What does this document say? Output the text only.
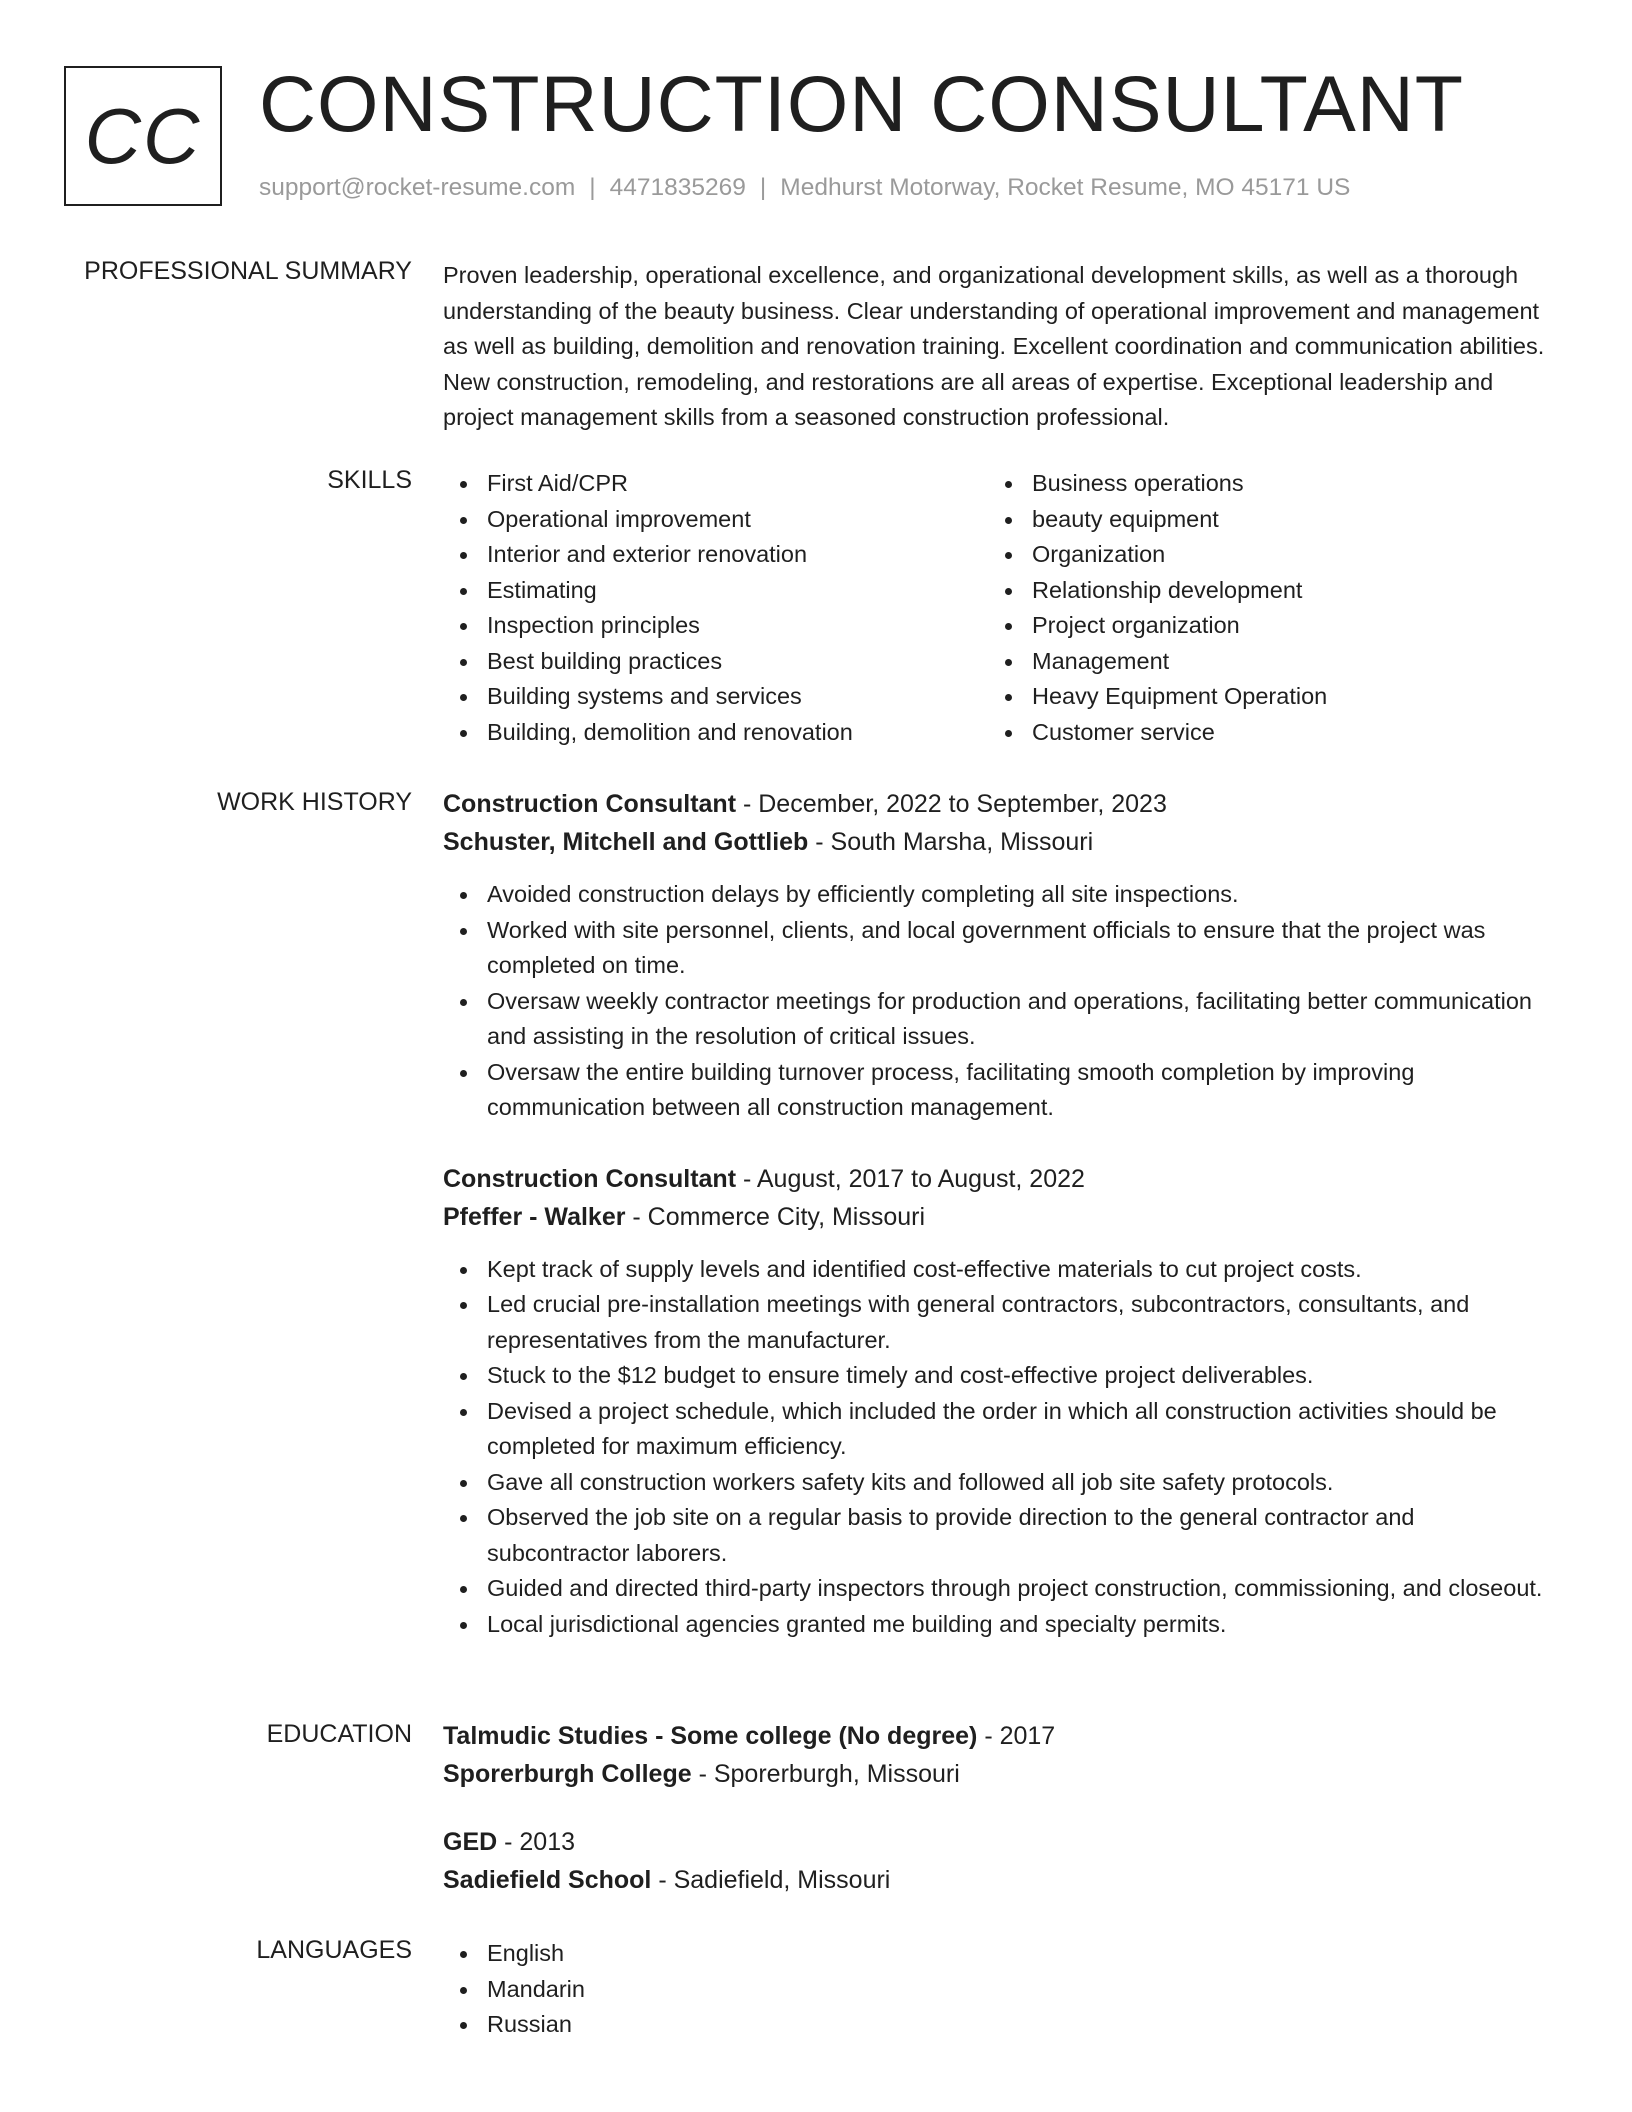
CC CONSTRUCTION CONSULTANT
support@rocket-resume.com | 4471835269 | Medhurst Motorway, Rocket Resume, MO 45171 US
PROFESSIONAL SUMMARY Proven leadership, operational excellence, and organizational development skills, as well as a thorough understanding of the beauty business. Clear understanding of operational improvement and management as well as building, demolition and renovation training. Excellent coordination and communication abilities. New construction, remodeling, and restorations are all areas of expertise. Exceptional leadership and project management skills from a seasoned construction professional.

SKILLS	First Aid/CPR
Operational improvement
Interior and exterior renovation
Estimating
Inspection principles
Best building practices
Building systems and services
Building, demolition and renovation
Business operations
beauty equipment
Organization
Relationship development
Project organization
Management
Heavy Equipment Operation
Customer service
WORK HISTORY Construction Consultant - December, 2022 to September, 2023
Schuster, Mitchell and Gottlieb - South Marsha, Missouri
Avoided construction delays by efficiently completing all site inspections.
Worked with site personnel, clients, and local government officials to ensure that the project was completed on time.
Oversaw weekly contractor meetings for production and operations, facilitating better communication and assisting in the resolution of critical issues.
Oversaw the entire building turnover process, facilitating smooth completion by improving communication between all construction management.
Construction Consultant - August, 2017 to August, 2022
Pfeffer - Walker - Commerce City, Missouri
Kept track of supply levels and identified cost-effective materials to cut project costs.
Led crucial pre-installation meetings with general contractors, subcontractors, consultants, and representatives from the manufacturer.
Stuck to the $12 budget to ensure timely and cost-effective project deliverables.
Devised a project schedule, which included the order in which all construction activities should be completed for maximum efficiency.
Gave all construction workers safety kits and followed all job site safety protocols.
Observed the job site on a regular basis to provide direction to the general contractor and subcontractor laborers.
Guided and directed third-party inspectors through project construction, commissioning, and closeout.
Local jurisdictional agencies granted me building and specialty permits.
EDUCATION Talmudic Studies - Some college (No degree) - 2017
Sporerburgh College - Sporerburgh, Missouri
GED - 2013
Sadiefield School - Sadiefield, Missouri
LANGUAGES	English
Mandarin
Russian
